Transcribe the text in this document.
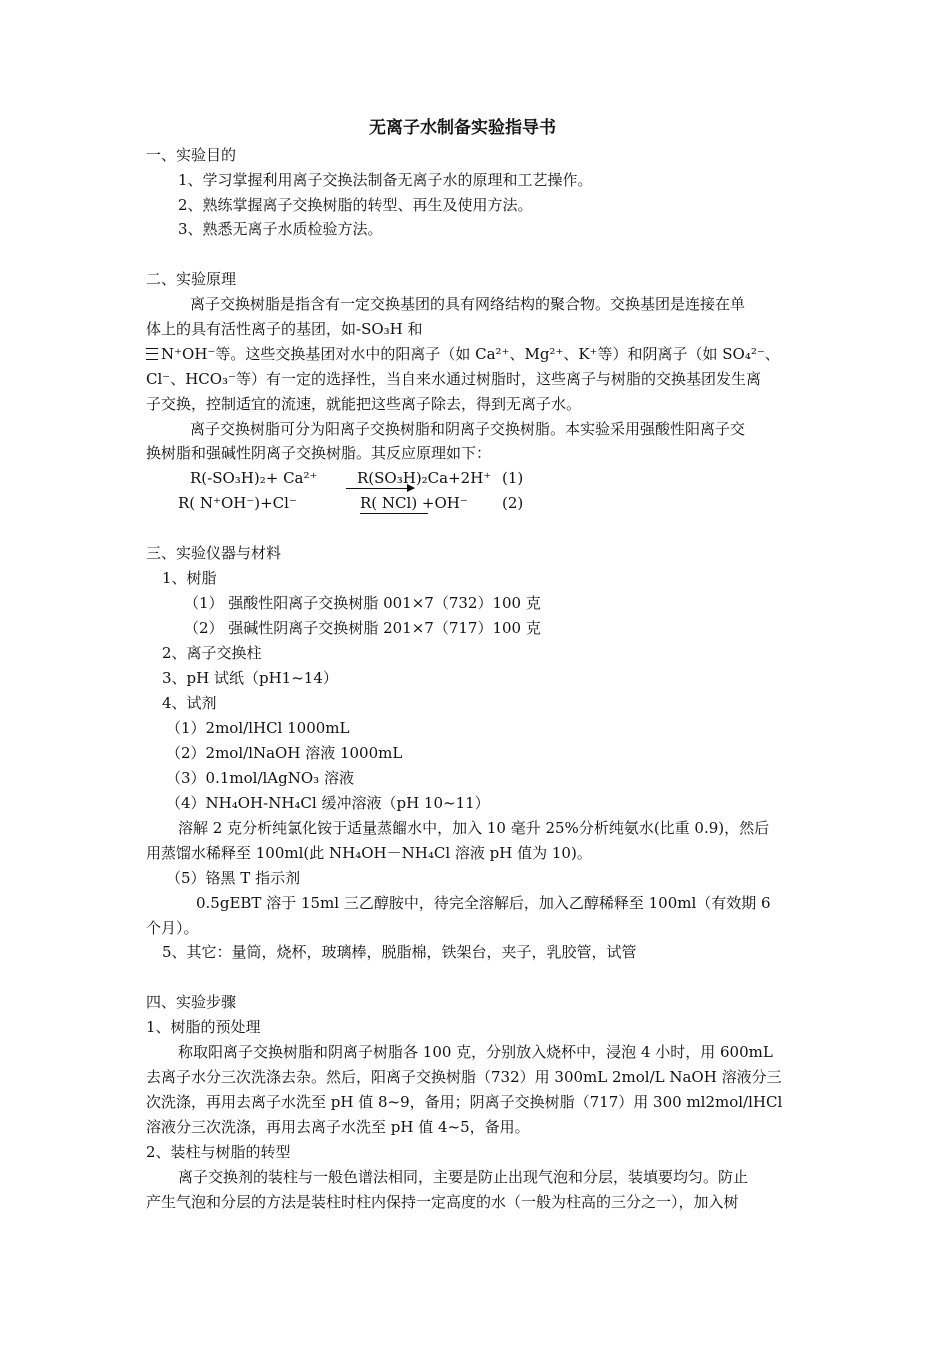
无离子水制备实验指导书
一、实验目的
1、学习掌握利用离子交换法制备无离子水的原理和工艺操作。
2、熟练掌握离子交换树脂的转型、再生及使用方法。
3、熟悉无离子水质检验方法。
二、实验原理
离子交换树脂是指含有一定交换基团的具有网络结构的聚合物。交换基团是连接在单
体上的具有活性离子的基团，如-SO₃H 和
N⁺OH⁻等。这些交换基团对水中的阳离子（如 Ca²⁺、Mg²⁺、K⁺等）和阴离子（如 SO₄²⁻、
Cl⁻、HCO₃⁻等）有一定的选择性，当自来水通过树脂时，这些离子与树脂的交换基团发生离
子交换，控制适宜的流速，就能把这些离子除去，得到无离子水。
离子交换树脂可分为阳离子交换树脂和阴离子交换树脂。本实验采用强酸性阳离子交
换树脂和强碱性阴离子交换树脂。其反应原理如下：
R(-SO₃H)₂+ Ca²⁺	R(SO₃H)₂Ca+2H⁺ (1)
R( N⁺OH⁻)+Cl⁻	R( NCl) +OH⁻ (2)
三、实验仪器与材料
1、树脂
（1） 强酸性阳离子交换树脂 001×7（732）100 克
（2） 强碱性阴离子交换树脂 201×7（717）100 克
2、离子交换柱
3、pH 试纸（pH1~14）
4、试剂
（1）2mol/lHCl 1000mL
（2）2mol/lNaOH 溶液 1000mL
（3）0.1mol/lAgNO₃ 溶液
（4）NH₄OH-NH₄Cl 缓冲溶液（pH 10~11）
溶解 2 克分析纯氯化铵于适量蒸餾水中，加入 10 毫升 25%分析纯氨水(比重 0.9)，然后
用蒸馏水稀释至 100ml(此 NH₄OH－NH₄Cl 溶液 pH 值为 10)。
（5）铬黑 T 指示剂
0.5gEBT 溶于 15ml 三乙醇胺中，待完全溶解后，加入乙醇稀释至 100ml（有效期 6
个月）。
5、其它：量筒，烧杯，玻璃棒，脱脂棉，铁架台，夹子，乳胶管，试管
四、实验步骤
1、树脂的预处理
称取阳离子交换树脂和阴离子树脂各 100 克，分别放入烧杯中，浸泡 4 小时，用 600mL
去离子水分三次洗涤去杂。然后，阳离子交换树脂（732）用 300mL 2mol/L NaOH 溶液分三
次洗涤，再用去离子水洗至 pH 值 8~9，备用；阴离子交换树脂（717）用 300 ml2mol/lHCl
溶液分三次洗涤，再用去离子水洗至 pH 值 4~5，备用。
2、装柱与树脂的转型
离子交换剂的装柱与一般色谱法相同，主要是防止出现气泡和分层，装填要均匀。防止
产生气泡和分层的方法是装柱时柱内保持一定高度的水（一般为柱高的三分之一），加入树
